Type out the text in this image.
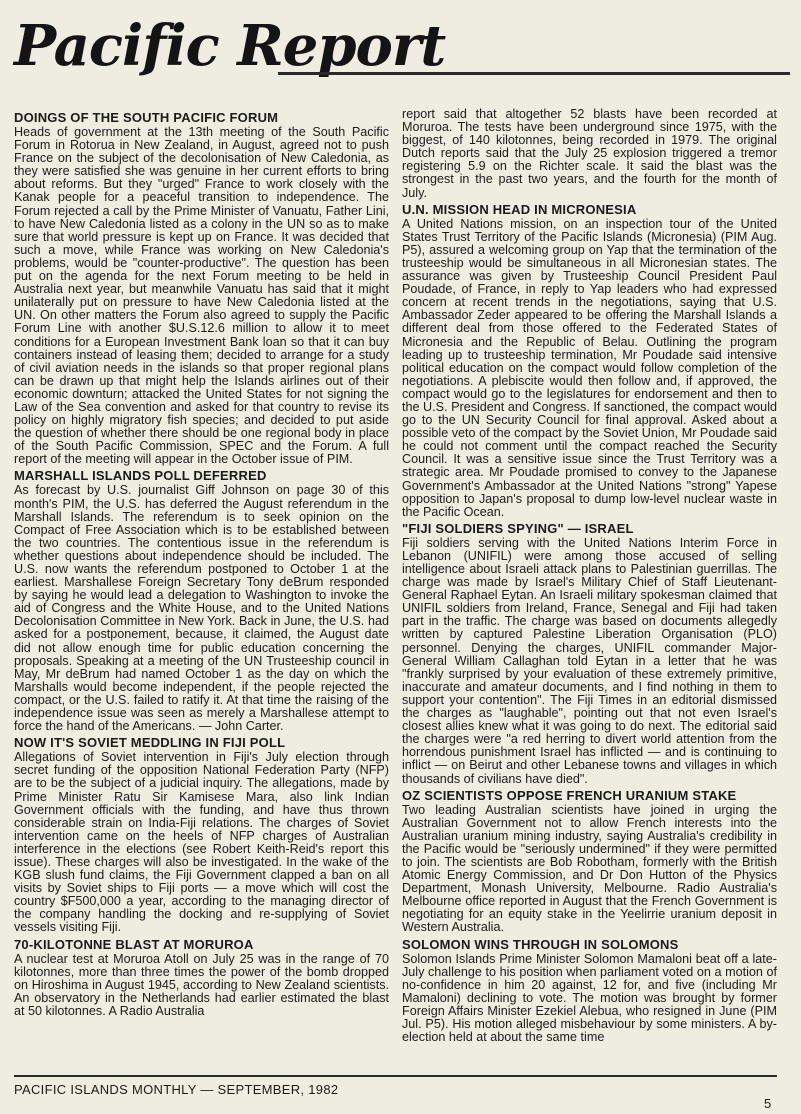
Pacific Report
DOINGS OF THE SOUTH PACIFIC FORUM

Heads of government at the 13th meeting of the South Pacific Forum in Rotorua in New Zealand, in August, agreed not to push France on the subject of the decolonisation of New Caledonia, as they were satisfied she was genuine in her current efforts to bring about reforms. But they "urged" France to work closely with the Kanak people for a peaceful transition to independence. The Forum rejected a call by the Prime Minister of Vanuatu, Father Lini, to have New Caledonia listed as a colony in the UN so as to make sure that world pressure is kept up on France. It was decided that such a move, while France was working on New Caledonia's problems, would be "counter-productive". The question has been put on the agenda for the next Forum meeting to be held in Australia next year, but meanwhile Vanuatu has said that it might unilaterally put on pressure to have New Caledonia listed at the UN. On other matters the Forum also agreed to supply the Pacific Forum Line with another $U.S.12.6 million to allow it to meet conditions for a European Investment Bank loan so that it can buy containers instead of leasing them; decided to arrange for a study of civil aviation needs in the islands so that proper regional plans can be drawn up that might help the Islands airlines out of their economic downturn; attacked the United States for not signing the Law of the Sea convention and asked for that country to revise its policy on highly migratory fish species; and decided to put aside the question of whether there should be one regional body in place of the South Pacific Commission, SPEC and the Forum. A full report of the meeting will appear in the October issue of PIM.

MARSHALL ISLANDS POLL DEFERRED

As forecast by U.S. journalist Giff Johnson on page 30 of this month's PIM, the U.S. has deferred the August referendum in the Marshall Islands. The referendum is to seek opinion on the Compact of Free Association which is to be established between the two countries. The contentious issue in the referendum is whether questions about independence should be included. The U.S. now wants the referendum postponed to October 1 at the earliest. Marshallese Foreign Secretary Tony deBrum responded by saying he would lead a delegation to Washington to invoke the aid of Congress and the White House, and to the United Nations Decolonisation Committee in New York. Back in June, the U.S. had asked for a postponement, because, it claimed, the August date did not allow enough time for public education concerning the proposals. Speaking at a meeting of the UN Trusteeship council in May, Mr deBrum had named October 1 as the day on which the Marshalls would become independent, if the people rejected the compact, or the U.S. failed to ratify it. At that time the raising of the independence issue was seen as merely a Marshallese attempt to force the hand of the Americans. — John Carter.

NOW IT'S SOVIET MEDDLING IN FIJI POLL

Allegations of Soviet intervention in Fiji's July election through secret funding of the opposition National Federation Party (NFP) are to be the subject of a judicial inquiry. The allegations, made by Prime Minister Ratu Sir Kamisese Mara, also link Indian Government officials with the funding, and have thus thrown considerable strain on India-Fiji relations. The charges of Soviet intervention came on the heels of NFP charges of Australian interference in the elections (see Robert Keith-Reid's report this issue). These charges will also be investigated. In the wake of the KGB slush fund claims, the Fiji Government clapped a ban on all visits by Soviet ships to Fiji ports — a move which will cost the country $F500,000 a year, according to the managing director of the company handling the docking and re-supplying of Soviet vessels visiting Fiji.

70-KILOTONNE BLAST AT MORUROA

A nuclear test at Moruroa Atoll on July 25 was in the range of 70 kilotonnes, more than three times the power of the bomb dropped on Hiroshima in August 1945, according to New Zealand scientists. An observatory in the Netherlands had earlier estimated the blast at 50 kilotonnes. A Radio Australia

report said that altogether 52 blasts have been recorded at Moruroa. The tests have been underground since 1975, with the biggest, of 140 kilotonnes, being recorded in 1979. The original Dutch reports said that the July 25 explosion triggered a tremor registering 5.9 on the Richter scale. It said the blast was the strongest in the past two years, and the fourth for the month of July.

U.N. MISSION HEAD IN MICRONESIA

A United Nations mission, on an inspection tour of the United States Trust Territory of the Pacific Islands (Micronesia) (PIM Aug. P5), assured a welcoming group on Yap that the termination of the trusteeship would be simultaneous in all Micronesian states. The assurance was given by Trusteeship Council President Paul Poudade, of France, in reply to Yap leaders who had expressed concern at recent trends in the negotiations, saying that U.S. Ambassador Zeder appeared to be offering the Marshall Islands a different deal from those offered to the Federated States of Micronesia and the Republic of Belau. Outlining the program leading up to trusteeship termination, Mr Poudade said intensive political education on the compact would follow completion of the negotiations. A plebiscite would then follow and, if approved, the compact would go to the legislatures for endorsement and then to the U.S. President and Congress. If sanctioned, the compact would go to the UN Security Council for final approval. Asked about a possible veto of the compact by the Soviet Union, Mr Poudade said he could not comment until the compact reached the Security Council. It was a sensitive issue since the Trust Territory was a strategic area. Mr Poudade promised to convey to the Japanese Government's Ambassador at the United Nations "strong" Yapese opposition to Japan's proposal to dump low-level nuclear waste in the Pacific Ocean.

"FIJI SOLDIERS SPYING" — ISRAEL

Fiji soldiers serving with the United Nations Interim Force in Lebanon (UNIFIL) were among those accused of selling intelligence about Israeli attack plans to Palestinian guerrillas. The charge was made by Israel's Military Chief of Staff Lieutenant-General Raphael Eytan. An Israeli military spokesman claimed that UNIFIL soldiers from Ireland, France, Senegal and Fiji had taken part in the traffic. The charge was based on documents allegedly written by captured Palestine Liberation Organisation (PLO) personnel. Denying the charges, UNIFIL commander Major-General William Callaghan told Eytan in a letter that he was "frankly surprised by your evaluation of these extremely primitive, inaccurate and amateur documents, and I find nothing in them to support your contention". The Fiji Times in an editorial dismissed the charges as "laughable", pointing out that not even Israel's closest allies knew what it was going to do next. The editorial said the charges were "a red herring to divert world attention from the horrendous punishment Israel has inflicted — and is continuing to inflict — on Beirut and other Lebanese towns and villages in which thousands of civilians have died".

OZ SCIENTISTS OPPOSE FRENCH URANIUM STAKE

Two leading Australian scientists have joined in urging the Australian Government not to allow French interests into the Australian uranium mining industry, saying Australia's credibility in the Pacific would be "seriously undermined" if they were permitted to join. The scientists are Bob Robotham, formerly with the British Atomic Energy Commission, and Dr Don Hutton of the Physics Department, Monash University, Melbourne. Radio Australia's Melbourne office reported in August that the French Government is negotiating for an equity stake in the Yeelirrie uranium deposit in Western Australia.

SOLOMON WINS THROUGH IN SOLOMONS

Solomon Islands Prime Minister Solomon Mamaloni beat off a late-July challenge to his position when parliament voted on a motion of no-confidence in him 20 against, 12 for, and five (including Mr Mamaloni) declining to vote. The motion was brought by former Foreign Affairs Minister Ezekiel Alebua, who resigned in June (PIM Jul. P5). His motion alleged misbehaviour by some ministers. A by-election held at about the same time

PACIFIC ISLANDS MONTHLY — SEPTEMBER, 1982
5
